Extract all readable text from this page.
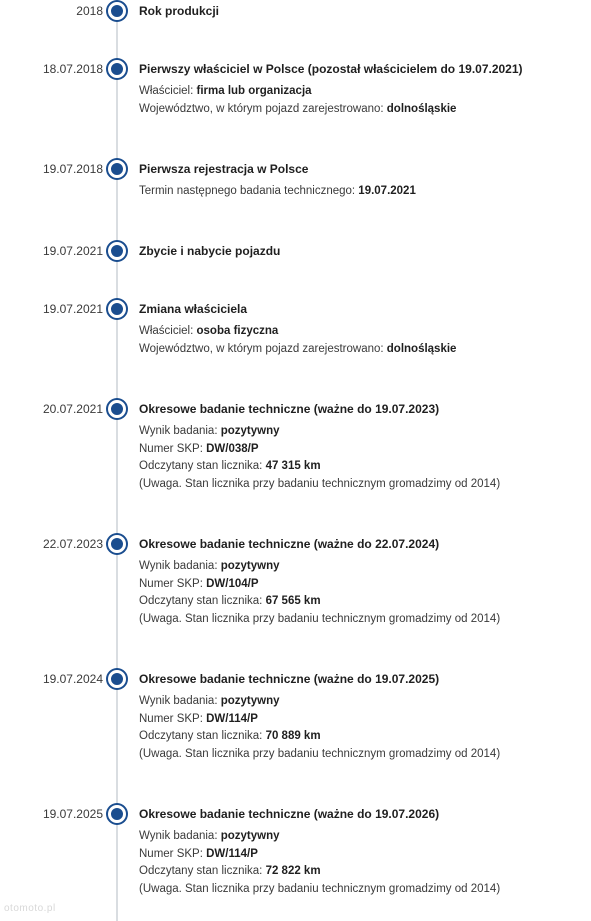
2018	Rok produkcji
18.07.2018	Pierwszy właściciel w Polsce (pozostał właścicielem do 19.07.2021)
Właściciel: firma lub organizacja
Województwo, w którym pojazd zarejestrowano: dolnośląskie
19.07.2018	Pierwsza rejestracja w Polsce
Termin następnego badania technicznego: 19.07.2021
19.07.2021	Zbycie i nabycie pojazdu
19.07.2021	Zmiana właściciela
Właściciel: osoba fizyczna
Województwo, w którym pojazd zarejestrowano: dolnośląskie
20.07.2021	Okresowe badanie techniczne (ważne do 19.07.2023)
Wynik badania: pozytywny
Numer SKP: DW/038/P
Odczytany stan licznika: 47 315 km
(Uwaga. Stan licznika przy badaniu technicznym gromadzimy od 2014)
22.07.2023	Okresowe badanie techniczne (ważne do 22.07.2024)
Wynik badania: pozytywny
Numer SKP: DW/104/P
Odczytany stan licznika: 67 565 km
(Uwaga. Stan licznika przy badaniu technicznym gromadzimy od 2014)
19.07.2024	Okresowe badanie techniczne (ważne do 19.07.2025)
Wynik badania: pozytywny
Numer SKP: DW/114/P
Odczytany stan licznika: 70 889 km
(Uwaga. Stan licznika przy badaniu technicznym gromadzimy od 2014)
19.07.2025	Okresowe badanie techniczne (ważne do 19.07.2026)
Wynik badania: pozytywny
Numer SKP: DW/114/P
Odczytany stan licznika: 72 822 km
(Uwaga. Stan licznika przy badaniu technicznym gromadzimy od 2014)
otomoto.pl
